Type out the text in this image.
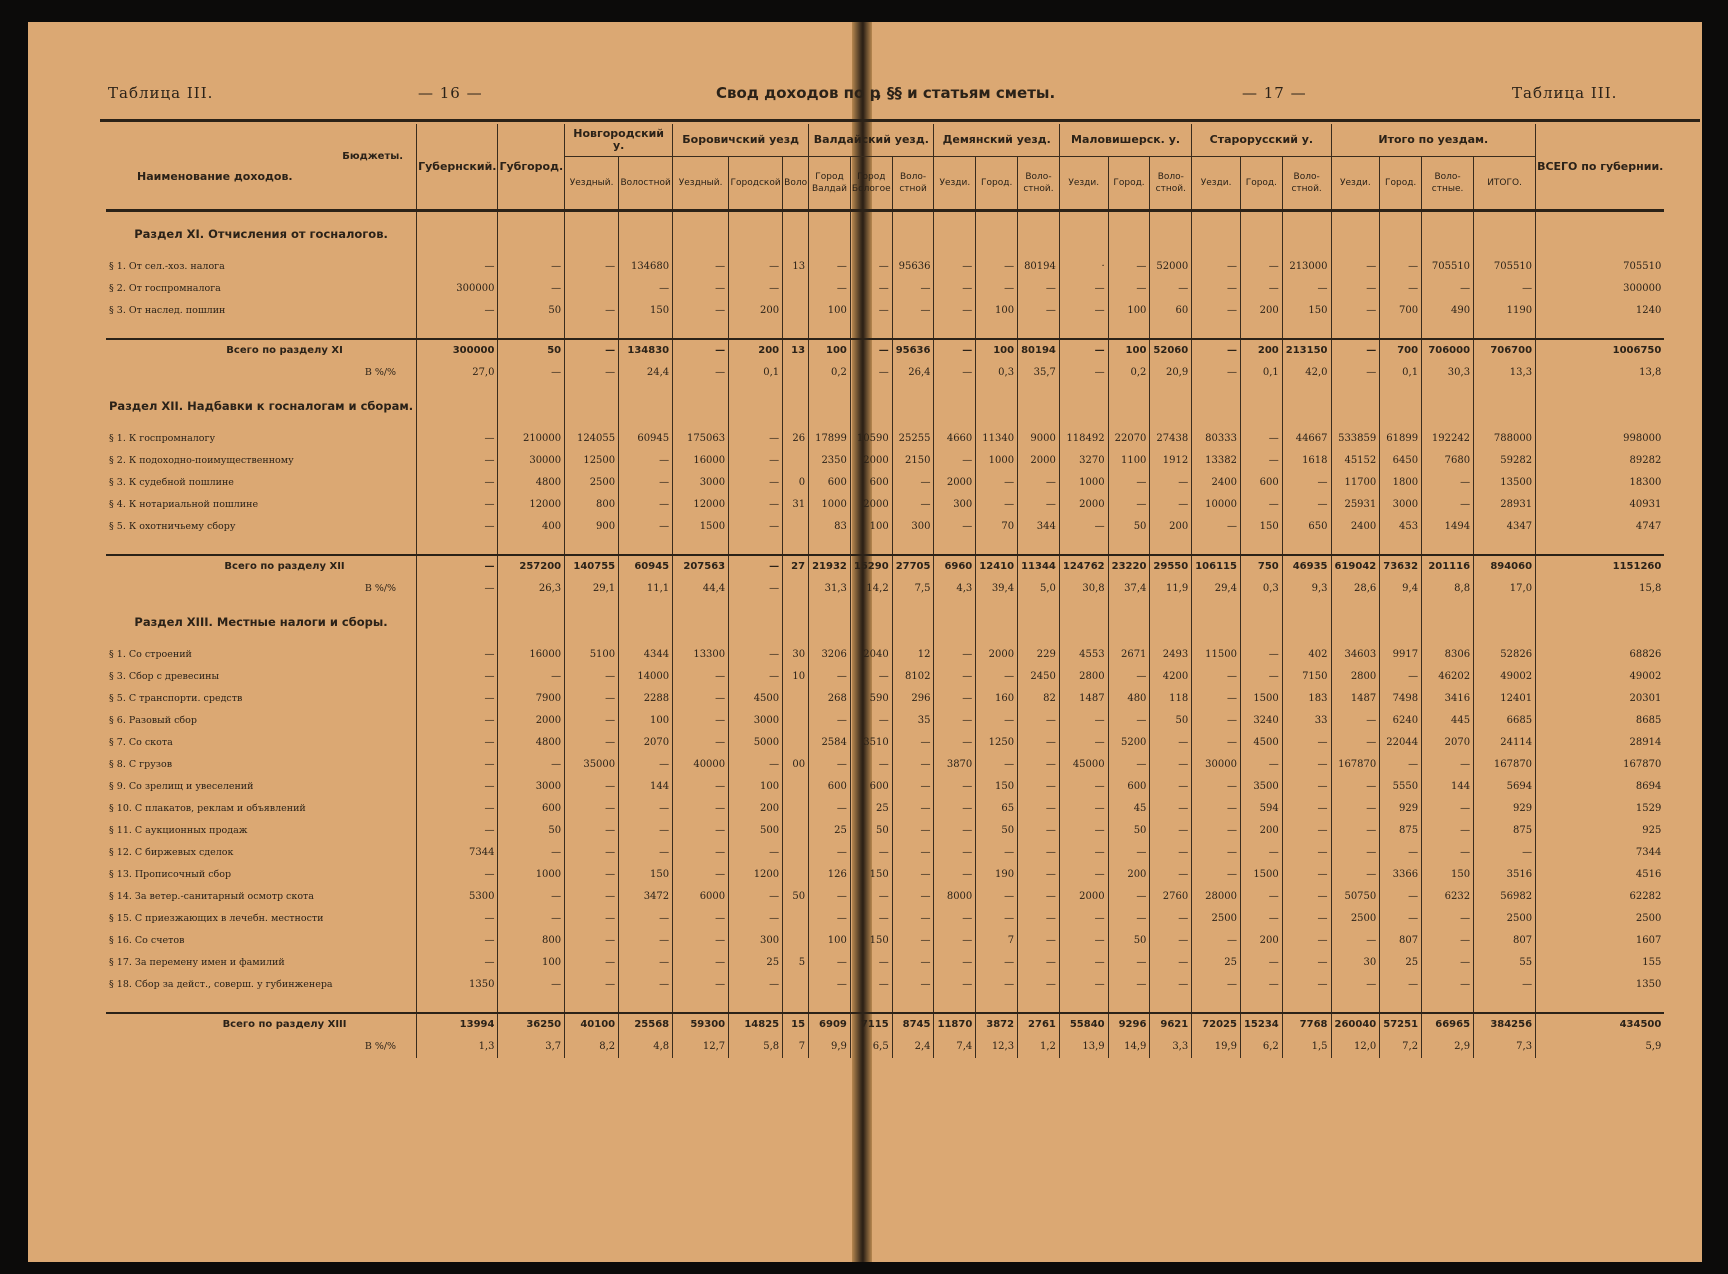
Таблица III.	— 16 —	Свод доходов по р
, §§ и статьям сметы.	— 17 —	Таблица III.
Бюджеты.
Наименование доходов.	Губернский.	Губгород.	Новгородский у.		Боровичский уезд			Валдайский уезд.			Демянский уезд.			Маловишерск. у.			Старорусский у.			Итого по уездам.				ВСЕГО по губернии.
			Уездный.	Волостной	Уездный.	Городской	Воло	Город Валдай	Город Бологое	Воло-стной	Уезди.	Город.	Воло-стной.	Уезди.	Город.	Воло-стной.	Уезди.	Город.	Воло-стной.	Уезди.	Город.	Воло-стные.	ИТОГО.	
Раздел XI. Отчисления от госналогов.																								
§ 1. От сел.-хоз. налога	—	—	—	134680	—	—	13	—	—	95636	—	—	80194	·	—	52000	—	—	213000	—	—	705510	705510	705510
§ 2. От госпромналога	300000	—		—	—	—		—	—	—	—	—	—	—	—	—	—	—	—	—	—	—	—	300000
§ 3. От наслед. пошлин	—	50	—	150	—	200		100	—	—	—	100	—	—	100	60	—	200	150	—	700	490	1190	1240

Всего по разделу XI	300000	50	—	134830	—	200	13	100	—	95636	—	100	80194	—	100	52060	—	200	213150	—	700	706000	706700	1006750
В %/%	27,0	—	—	24,4	—	0,1		0,2	—	26,4	—	0,3	35,7	—	0,2	20,9	—	0,1	42,0	—	0,1	30,3	13,3	13,8
Раздел XII. Надбавки к госналогам и сборам.																								
§ 1. К госпромналогу	—	210000	124055	60945	175063	—	26	17899	10590	25255	4660	11340	9000	118492	22070	27438	80333	—	44667	533859	61899	192242	788000	998000
§ 2. К подоходно-поимущественному	—	30000	12500	—	16000	—		2350	2000	2150	—	1000	2000	3270	1100	1912	13382	—	1618	45152	6450	7680	59282	89282
§ 3. К судебной пошлине	—	4800	2500	—	3000	—	0	600	600	—	2000	—	—	1000	—	—	2400	600	—	11700	1800	—	13500	18300
§ 4. К нотариальной пошлине	—	12000	800	—	12000	—	31	1000	2000	—	300	—	—	2000	—	—	10000	—	—	25931	3000	—	28931	40931
§ 5. К охотничьему сбору	—	400	900	—	1500	—		83	100	300	—	70	344	—	50	200	—	150	650	2400	453	1494	4347	4747

Всего по разделу XII	—	257200	140755	60945	207563	—	27	21932	15290	27705	6960	12410	11344	124762	23220	29550	106115	750	46935	619042	73632	201116	894060	1151260
В %/%	—	26,3	29,1	11,1	44,4	—		31,3	14,2	7,5	4,3	39,4	5,0	30,8	37,4	11,9	29,4	0,3	9,3	28,6	9,4	8,8	17,0	15,8
Раздел XIII. Местные налоги и сборы.																								
§ 1. Со строений	—	16000	5100	4344	13300	—	30	3206	2040	12	—	2000	229	4553	2671	2493	11500	—	402	34603	9917	8306	52826	68826
§ 3. Сбор с древесины	—	—	—	14000	—	—	10	—	—	8102	—	—	2450	2800	—	4200	—	—	7150	2800	—	46202	49002	49002
§ 5. С транспорти. средств	—	7900	—	2288	—	4500		268	590	296	—	160	82	1487	480	118	—	1500	183	1487	7498	3416	12401	20301
§ 6. Разовый сбор	—	2000	—	100	—	3000		—	—	35	—	—	—	—	—	50	—	3240	33	—	6240	445	6685	8685
§ 7. Со скота	—	4800	—	2070	—	5000		2584	3510	—	—	1250	—	—	5200	—	—	4500	—	—	22044	2070	24114	28914
§ 8. С грузов	—	—	35000	—	40000	—	00	—	—	—	3870	—	—	45000	—	—	30000	—	—	167870	—	—	167870	167870
§ 9. Со зрелищ и увеселений	—	3000	—	144	—	100		600	600	—	—	150	—	—	600	—	—	3500	—	—	5550	144	5694	8694
§ 10. С плакатов, реклам и объявлений	—	600	—	—	—	200		—	25	—	—	65	—	—	45	—	—	594	—	—	929	—	929	1529
§ 11. С аукционных продаж	—	50	—	—	—	500		25	50	—	—	50	—	—	50	—	—	200	—	—	875	—	875	925
§ 12. С биржевых сделок	7344	—	—	—	—	—		—	—	—	—	—	—	—	—	—	—	—	—	—	—	—	—	7344
§ 13. Прописочный сбор	—	1000	—	150	—	1200		126	150	—	—	190	—	—	200	—	—	1500	—	—	3366	150	3516	4516
§ 14. За ветер.-санитарный осмотр скота	5300	—	—	3472	6000	—	50	—	—	—	8000	—	—	2000	—	2760	28000	—	—	50750	—	6232	56982	62282
§ 15. С приезжающих в лечебн. местности	—	—	—	—	—	—		—	—	—	—	—	—	—	—	—	2500	—	—	2500	—	—	2500	2500
§ 16. Со счетов	—	800	—	—	—	300		100	150	—	—	7	—	—	50	—	—	200	—	—	807	—	807	1607
§ 17. За перемену имен и фамилий	—	100	—	—	—	25	5	—	—	—	—	—	—	—	—	—	25	—	—	30	25	—	55	155
§ 18. Сбор за дейст., соверш. у губинженера	1350	—	—	—	—	—		—	—	—	—	—	—	—	—	—	—	—	—	—	—	—	—	1350

Всего по разделу XIII	13994	36250	40100	25568	59300	14825	15	6909	7115	8745	11870	3872	2761	55840	9296	9621	72025	15234	7768	260040	57251	66965	384256	434500
В %/%	1,3	3,7	8,2	4,8	12,7	5,8	7	9,9	6,5	2,4	7,4	12,3	1,2	13,9	14,9	3,3	19,9	6,2	1,5	12,0	7,2	2,9	7,3	5,9
